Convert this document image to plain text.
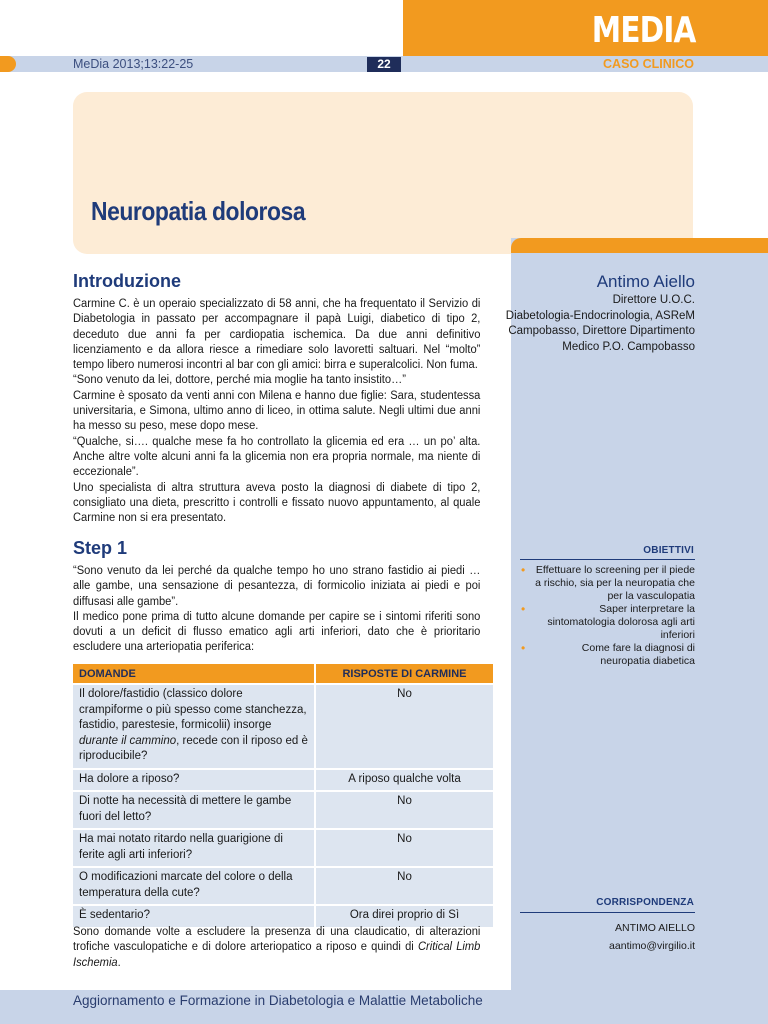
MEDIA
MeDia 2013;13:22-25	22	CASO CLINICO
Neuropatia dolorosa
Antimo Aiello
Direttore U.O.C.
Diabetologia-Endocrinologia, ASReM
Campobasso, Direttore Dipartimento
Medico P.O. Campobasso
OBIETTIVI
• Effettuare lo screening per il piede a rischio, sia per la neuropatia che per la vasculopatia
•	Saper interpretare la sintomatologia dolorosa agli arti inferiori
•	Come fare la diagnosi di neuropatia diabetica
CORRISPONDENZA
ANTIMO AIELLO
aantimo@virgilio.it
Introduzione

Carmine C. è un operaio specializzato di 58 anni, che ha frequentato il Servizio di Diabetologia in passato per accompagnare il papà Luigi, diabetico di tipo 2, deceduto due anni fa per cardiopatia ischemica. Da due anni definitivo licenziamento e da allora riesce a rimediare solo lavoretti saltuari. Nel “molto” tempo libero numerosi incontri al bar con gli amici: birra e superalcolici. Non fuma.

“Sono venuto da lei, dottore, perché mia moglie ha tanto insistito…”

Carmine è sposato da venti anni con Milena e hanno due figlie: Sara, studentessa universitaria, e Simona, ultimo anno di liceo, in ottima salute. Negli ultimi due anni ha messo su peso, mese dopo mese.

“Qualche, si…. qualche mese fa ho controllato la glicemia ed era … un po’ alta. Anche altre volte alcuni anni fa la glicemia non era propria normale, ma niente di eccezionale”.

Uno specialista di altra struttura aveva posto la diagnosi di diabete di tipo 2, consigliato una dieta, prescritto i controlli e fissato nuovo appuntamento, al quale Carmine non si era presentato.

Step 1

“Sono venuto da lei perché da qualche tempo ho uno strano fastidio ai piedi … alle gambe, una sensazione di pesantezza, di formicolio iniziata ai piedi e poi diffusasi alle gambe”.

Il medico pone prima di tutto alcune domande per capire se i sintomi riferiti sono dovuti a un deficit di flusso ematico agli arti inferiori, dato che è prioritario escludere una arteriopatia periferica:

DOMANDE	RISPOSTE DI CARMINE
Il dolore/fastidio (classico dolore crampiforme o più spesso come stanchezza, fastidio, parestesie, formicolii) insorge durante il cammino, recede con il riposo ed è riproducibile?	No
Ha dolore a riposo?	A riposo qualche volta
Di notte ha necessità di mettere le gambe fuori del letto?	No
Ha mai notato ritardo nella guarigione di ferite agli arti inferiori?	No
O modificazioni marcate del colore o della temperatura della cute?	No
È sedentario?	Ora direi proprio di Sì

Sono domande volte a escludere la presenza di una claudicatio, di alterazioni trofiche vasculopatiche e di dolore arteriopatico a riposo e quindi di Critical Limb Ischemia.

Aggiornamento e Formazione in Diabetologia e Malattie Metaboliche
